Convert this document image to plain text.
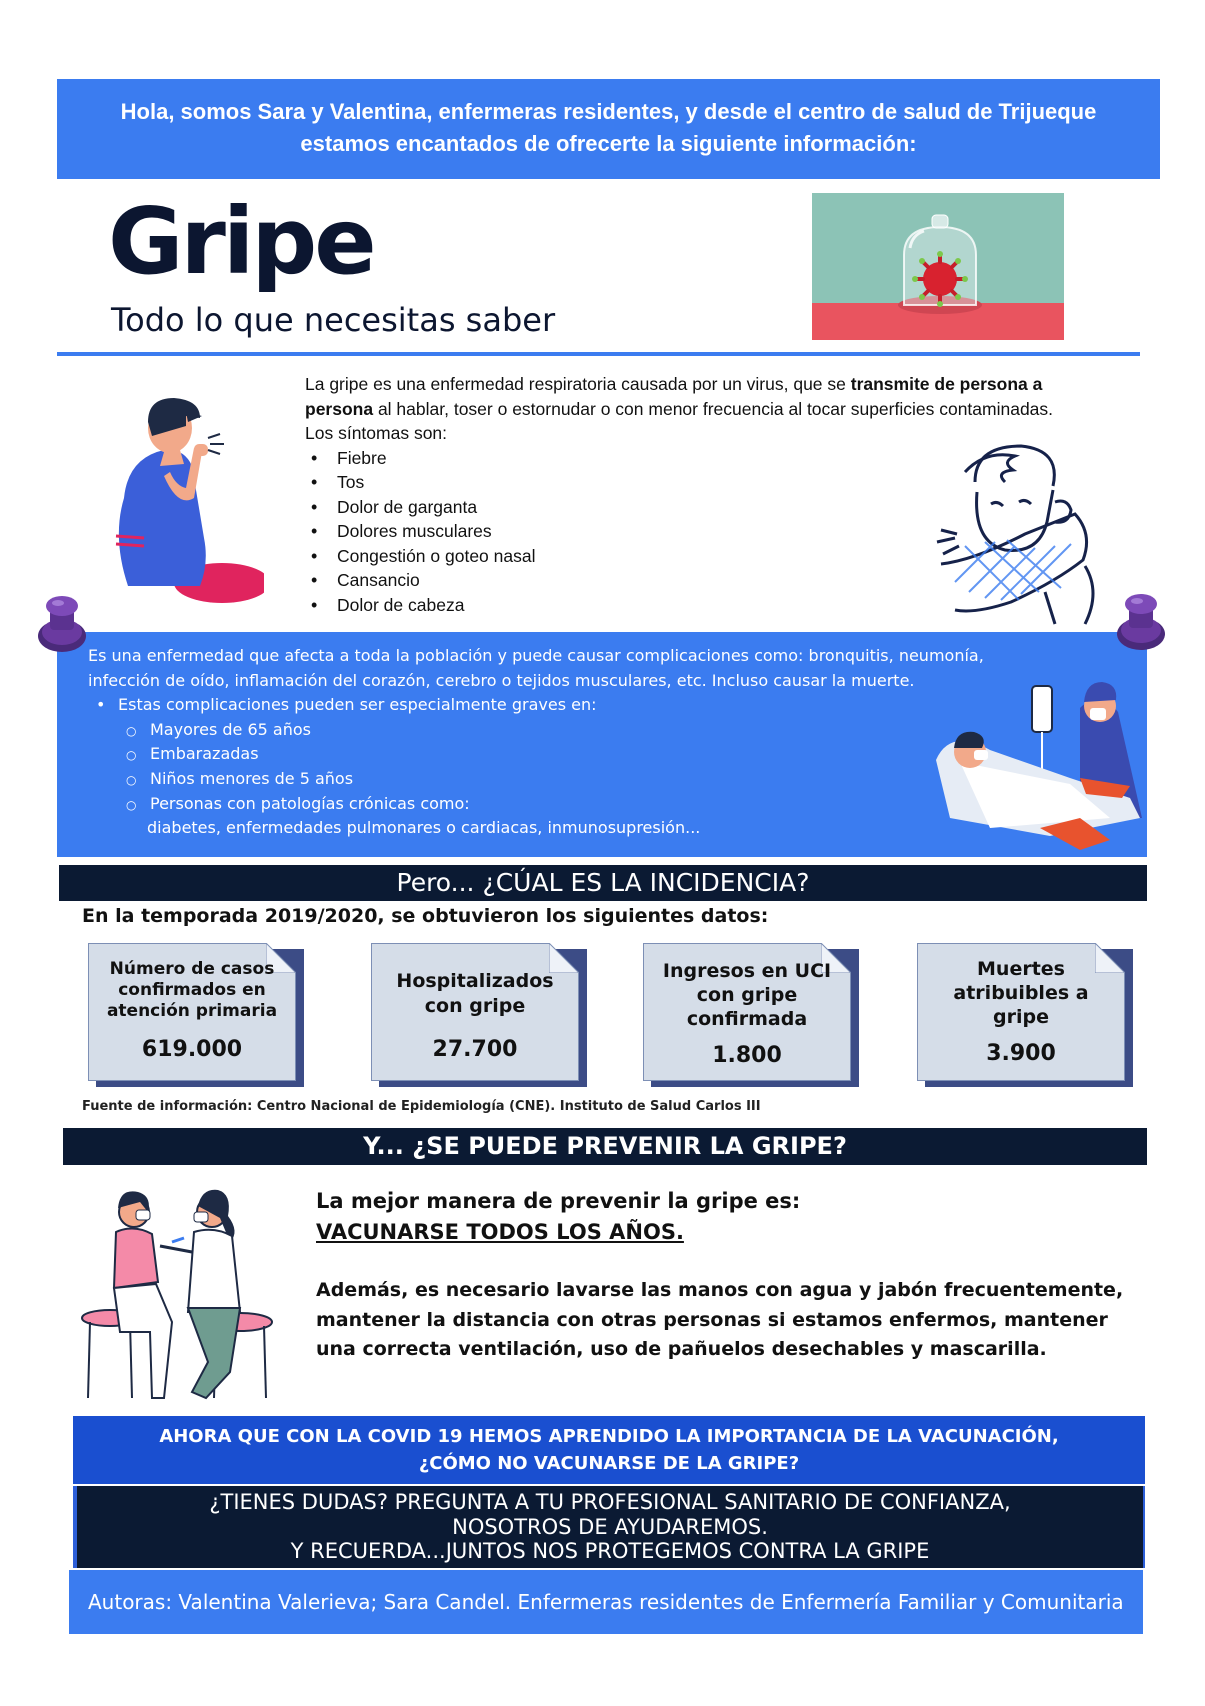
Hola, somos Sara y Valentina, enfermeras residentes, y desde el centro de salud de Trijueque
estamos encantados de ofrecerte la siguiente información:
Gripe
Todo lo que necesitas saber
La gripe es una enfermedad respiratoria causada por un virus, que se transmite de persona a persona al hablar, toser o estornudar o con menor frecuencia al tocar superficies contaminadas.
Los síntomas son:
• Fiebre
• Tos
• Dolor de garganta
• Dolores musculares
• Congestión o goteo nasal
• Cansancio
• Dolor de cabeza
Es una enfermedad que afecta a toda la población y puede causar complicaciones como: bronquitis, neumonía,
infección de oído, inflamación del corazón, cerebro o tejidos musculares, etc. Incluso causar la muerte.
• Estas complicaciones pueden ser especialmente graves en:
○ Mayores de 65 años
○ Embarazadas
○ Niños menores de 5 años
○ Personas con patologías crónicas como:
diabetes, enfermedades pulmonares o cardiacas, inmunosupresión...
Pero... ¿CÚAL ES LA INCIDENCIA?
En la temporada 2019/2020, se obtuvieron los siguientes datos:
Número de casos confirmados en atención primaria
619.000
Hospitalizados con gripe
27.700
Ingresos en UCI con gripe confirmada
1.800
Muertes atribuibles a gripe
3.900
Fuente de información: Centro Nacional de Epidemiología (CNE). Instituto de Salud Carlos III
Y... ¿SE PUEDE PREVENIR LA GRIPE?
La mejor manera de prevenir la gripe es:
VACUNARSE TODOS LOS AÑOS.
Además, es necesario lavarse las manos con agua y jabón frecuentemente, mantener la distancia con otras personas si estamos enfermos, mantener una correcta ventilación, uso de pañuelos desechables y mascarilla.
AHORA QUE CON LA COVID 19 HEMOS APRENDIDO LA IMPORTANCIA DE LA VACUNACIÓN,
¿CÓMO NO VACUNARSE DE LA GRIPE?
¿TIENES DUDAS? PREGUNTA A TU PROFESIONAL SANITARIO DE CONFIANZA,
NOSOTROS DE AYUDAREMOS.
Y RECUERDA...JUNTOS NOS PROTEGEMOS CONTRA LA GRIPE
Autoras: Valentina Valerieva; Sara Candel. Enfermeras residentes de Enfermería Familiar y Comunitaria
